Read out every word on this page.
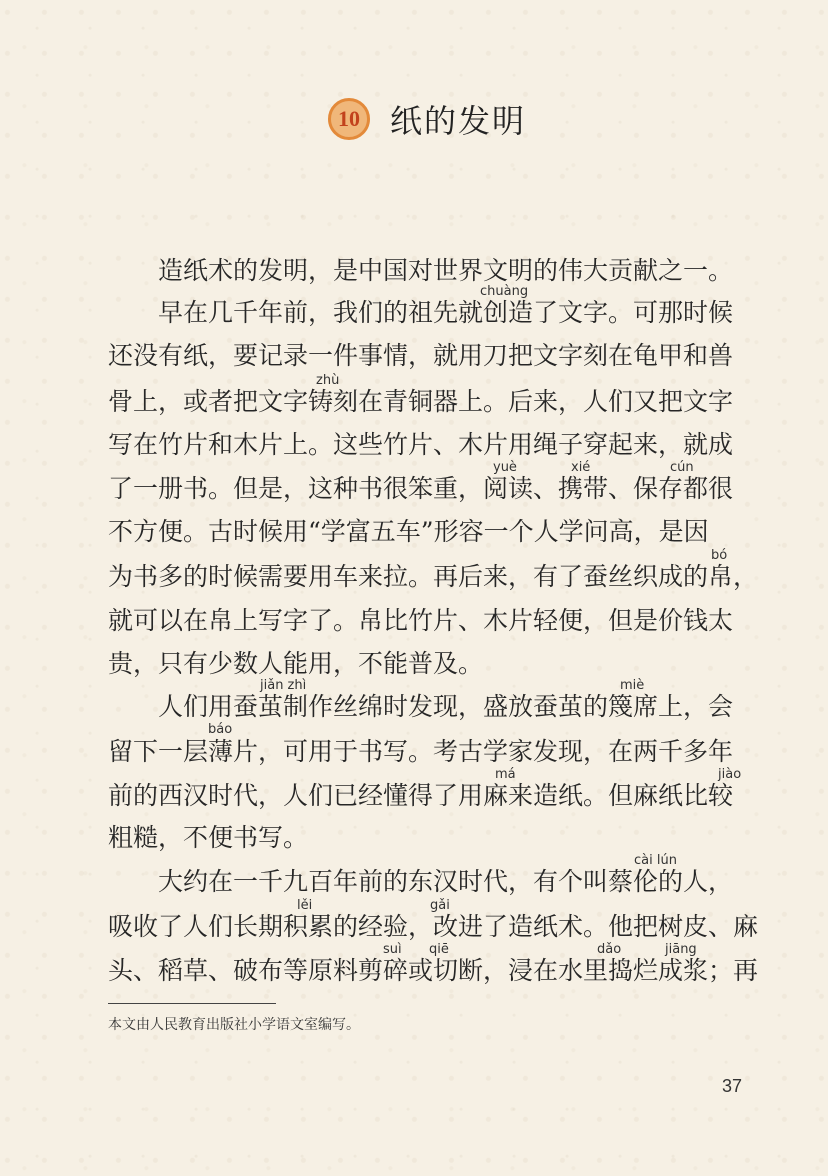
10 纸的发明
造纸术的发明，是中国对世界文明的伟大贡献之一。
早在几千年前，我们的祖先就创造了文字。可那时候
还没有纸，要记录一件事情，就用刀把文字刻在龟甲和兽
骨上，或者把文字铸刻在青铜器上。后来，人们又把文字
写在竹片和木片上。这些竹片、木片用绳子穿起来，就成
了一册书。但是，这种书很笨重，阅读、携带、保存都很
不方便。古时候用“学富五车”形容一个人学问高，是因
为书多的时候需要用车来拉。再后来，有了蚕丝织成的帛，
就可以在帛上写字了。帛比竹片、木片轻便，但是价钱太
贵，只有少数人能用，不能普及。
人们用蚕茧制作丝绵时发现，盛放蚕茧的篾席上，会
留下一层薄片，可用于书写。考古学家发现，在两千多年
前的西汉时代，人们已经懂得了用麻来造纸。但麻纸比较
粗糙，不便书写。
大约在一千九百年前的东汉时代，有个叫蔡伦的人，
吸收了人们长期积累的经验，改进了造纸术。他把树皮、麻
头、稻草、破布等原料剪碎或切断，浸在水里捣烂成浆；再
chuàng
zhù
yuè	xié	cún
bó
jiǎn zhì	miè
báo
má	jiào
cài lún
lěi	gǎi
suì qiē	dǎo	jiāng
本文由人民教育出版社小学语文室编写。
37
